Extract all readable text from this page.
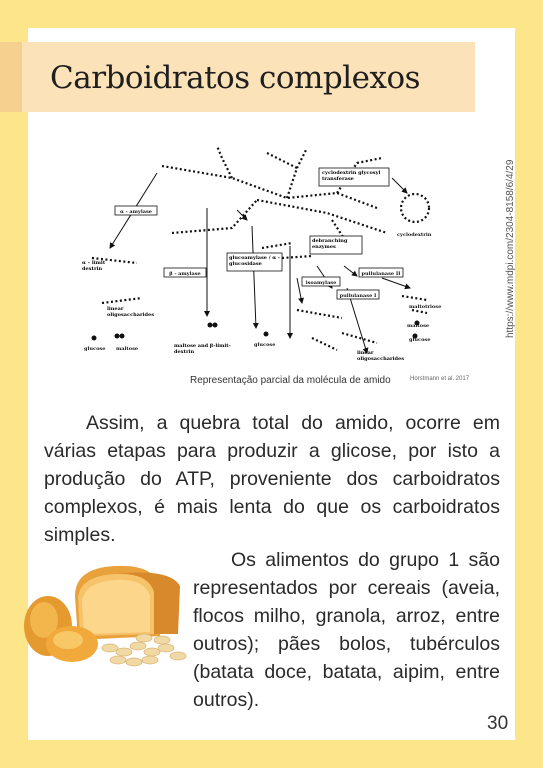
Carboidratos complexos
cyclodextrin glycosyl transferase
α - amylase
β - amylase
glucoamylase / α -glucosidase
debranching enzymes
isoamylase
pullulanase II
pullulanase I
cyclodextrin
α – limit dextrin
linear oligosaccharides
glucose maltose	maltose and β-limit-dextrin
glucose
maltotriose
maltose
glucose
linear oligosaccharides
Representação parcial da molécula de amido	Horstmann et al. 2017
https://www.mdpi.com/2304-8158/6/4/29

Assim, a quebra total do amido, ocorre em várias etapas para produzir a glicose, por isto a produção do ATP, proveniente dos carboidratos complexos, é mais lenta do que os carboidratos simples.

Os alimentos do grupo 1 são representados por cereais (aveia, flocos milho, granola, arroz, entre outros); pães bolos, tubérculos (batata doce, batata, aipim, entre outros).

30
